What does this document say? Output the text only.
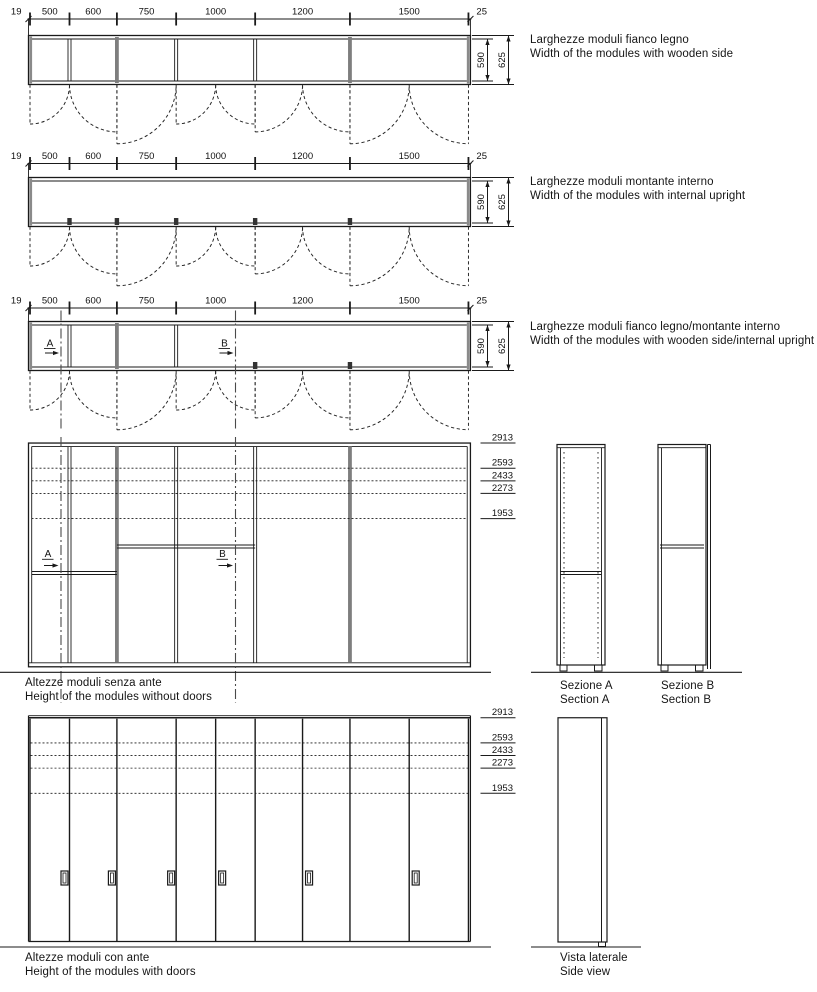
19	25
500	600	750	1000	1200	1500
590 625
19	25
500	600	750	1000	1200	1500
590 625
19	25
500	600	750	1000	1200	1500
590 625
A	B
2913
2593
2433
2273
1953
A	B
2913
2593
2433
2273
1953
Larghezze moduli fianco legno
Width of the modules with wooden side
Larghezze moduli montante interno
Width of the modules with internal upright
Larghezze moduli fianco legno/montante interno
Width of the modules with wooden side/internal upright
Altezze moduli senza ante
Height of the modules without doors
Sezione A
Section A
Sezione B
Section B
Altezze moduli con ante
Height of the modules with doors
Vista laterale
Side view
